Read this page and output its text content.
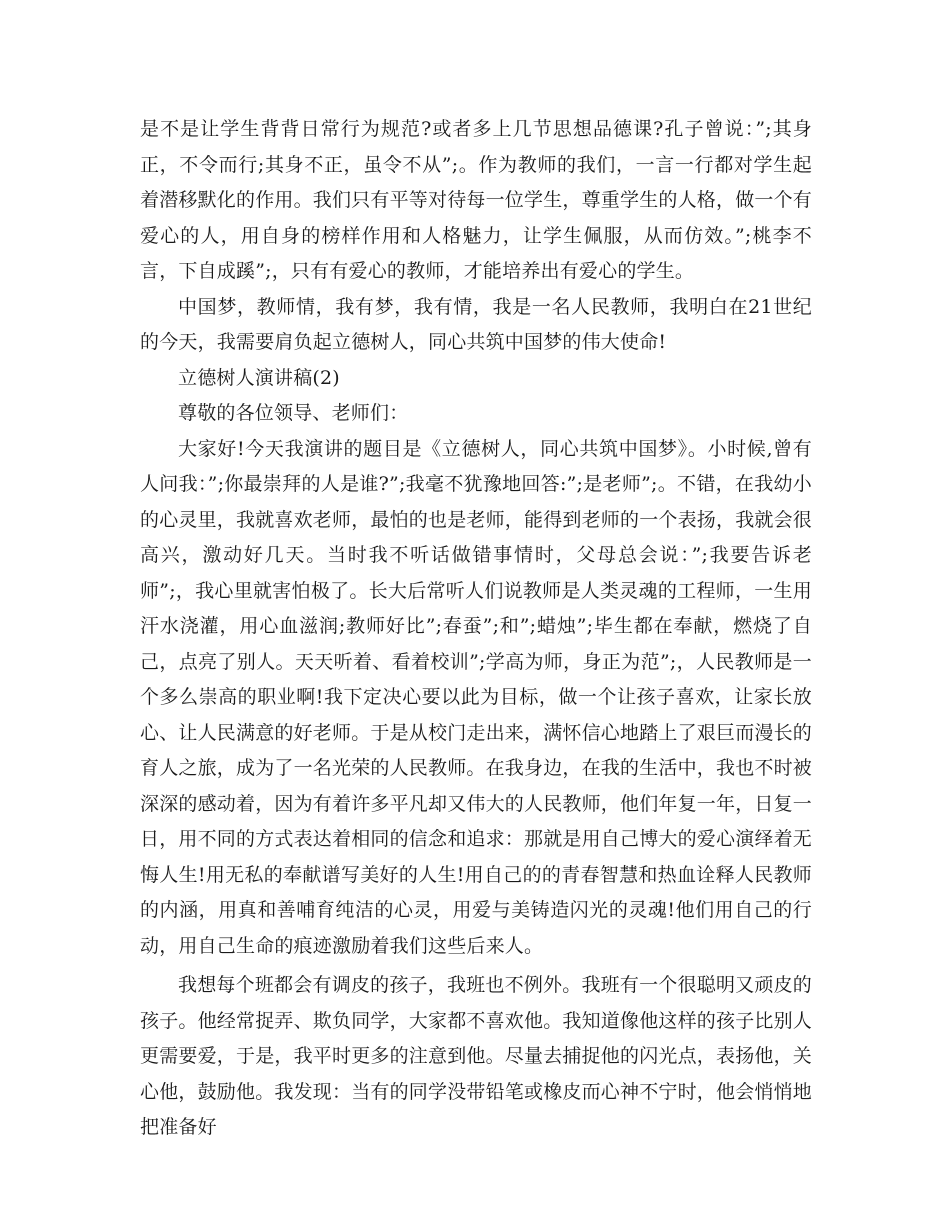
是不是让学生背背日常行为规范?或者多上几节思想品德课?孔子曾说：”;其身正，不令而行;其身不正，虽令不从”;。作为教师的我们，一言一行都对学生起着潜移默化的作用。我们只有平等对待每一位学生，尊重学生的人格，做一个有爱心的人，用自身的榜样作用和人格魅力，让学生佩服，从而仿效。”;桃李不言，下自成蹊”;，只有有爱心的教师，才能培养出有爱心的学生。

中国梦，教师情，我有梦，我有情，我是一名人民教师，我明白在21世纪的今天，我需要肩负起立德树人，同心共筑中国梦的伟大使命!

立德树人演讲稿(2)

尊敬的各位领导、老师们：

大家好!今天我演讲的题目是《立德树人，同心共筑中国梦》。小时候,曾有人问我：”;你最崇拜的人是谁?”;我毫不犹豫地回答:”;是老师”;。不错，在我幼小的心灵里，我就喜欢老师，最怕的也是老师，能得到老师的一个表扬，我就会很高兴，激动好几天。当时我不听话做错事情时，父母总会说：”;我要告诉老师”;，我心里就害怕极了。长大后常听人们说教师是人类灵魂的工程师，一生用汗水浇灌，用心血滋润;教师好比”;春蚕”;和”;蜡烛”;毕生都在奉献，燃烧了自己，点亮了别人。天天听着、看着校训”;学高为师，身正为范”;，人民教师是一个多么崇高的职业啊!我下定决心要以此为目标，做一个让孩子喜欢，让家长放心、让人民满意的好老师。于是从校门走出来，满怀信心地踏上了艰巨而漫长的育人之旅，成为了一名光荣的人民教师。在我身边，在我的生活中，我也不时被深深的感动着，因为有着许多平凡却又伟大的人民教师，他们年复一年，日复一日，用不同的方式表达着相同的信念和追求：那就是用自己博大的爱心演绎着无悔人生!用无私的奉献谱写美好的人生!用自己的的青春智慧和热血诠释人民教师的内涵，用真和善哺育纯洁的心灵，用爱与美铸造闪光的灵魂!他们用自己的行动，用自己生命的痕迹激励着我们这些后来人。

我想每个班都会有调皮的孩子，我班也不例外。我班有一个很聪明又顽皮的孩子。他经常捉弄、欺负同学，大家都不喜欢他。我知道像他这样的孩子比别人更需要爱，于是，我平时更多的注意到他。尽量去捕捉他的闪光点，表扬他，关心他，鼓励他。我发现：当有的同学没带铅笔或橡皮而心神不宁时，他会悄悄地把准备好
